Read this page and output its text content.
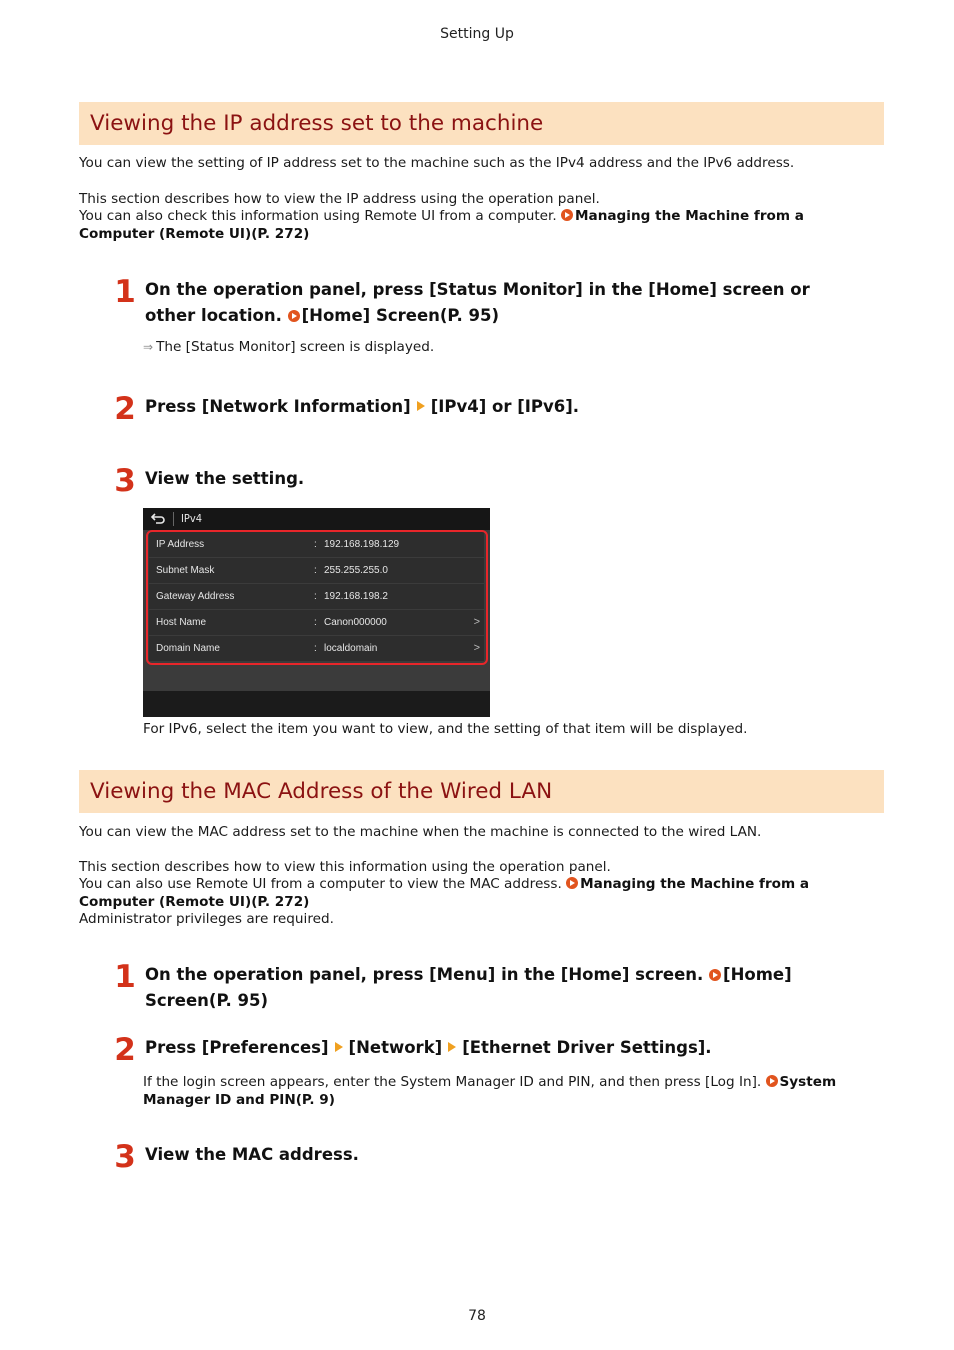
Setting Up
Viewing the IP address set to the machine

You can view the setting of IP address set to the machine such as the IPv4 address and the IPv6 address.

This section describes how to view the IP address using the operation panel.

You can also check this information using Remote UI from a computer. Managing the Machine from a Computer (Remote UI)(P. 272)

1 On the operation panel, press [Status Monitor] in the [Home] screen or other location. [Home] Screen(P. 95)
⇒ The [Status Monitor] screen is displayed.
2 Press [Network Information] [IPv4] or [IPv6].
3 View the setting.
IPv4
IP Address	: 192.168.198.129
Subnet Mask	: 255.255.255.0
Gateway Address	: 192.168.198.2
Host Name	: Canon000000	>
Domain Name	: localdomain	>
For IPv6, select the item you want to view, and the setting of that item will be displayed.
Viewing the MAC Address of the Wired LAN

You can view the MAC address set to the machine when the machine is connected to the wired LAN.

This section describes how to view this information using the operation panel.

You can also use Remote UI from a computer to view the MAC address. Managing the Machine from a Computer (Remote UI)(P. 272)

Administrator privileges are required.

1 On the operation panel, press [Menu] in the [Home] screen. [Home] Screen(P. 95)
2 Press [Preferences] [Network] [Ethernet Driver Settings].
If the login screen appears, enter the System Manager ID and PIN, and then press [Log In]. System Manager ID and PIN(P. 9)
3 View the MAC address.
78
